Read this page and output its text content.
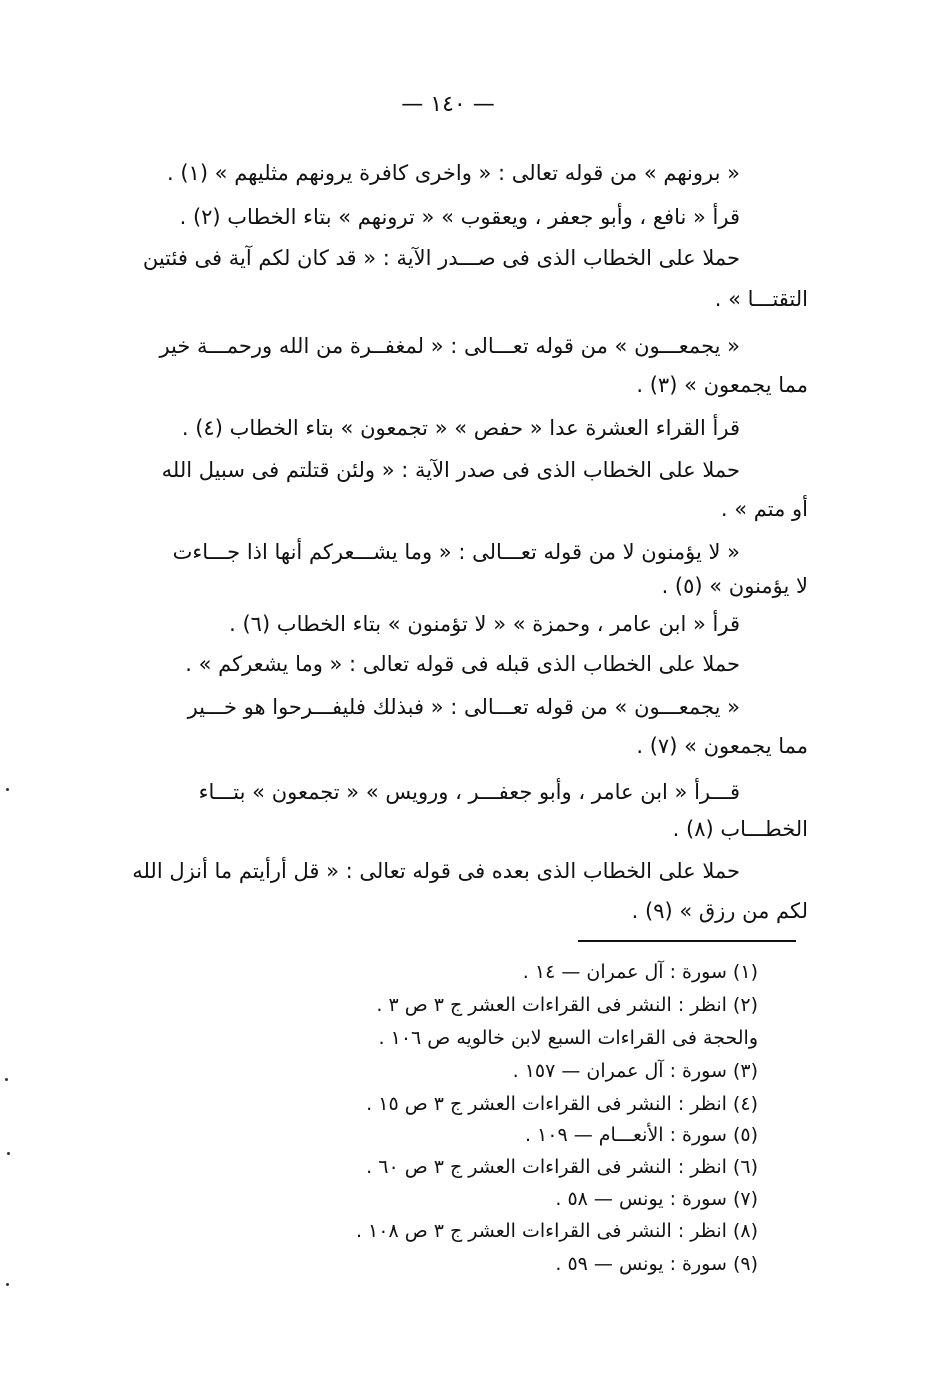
— ١٤٠ —
« برونهم » من قوله تعالى : « واخرى كافرة يرونهم مثليهم » (١) .
قرأ « نافع ، وأبو جعفر ، ويعقوب » « ترونهم » بتاء الخطاب (٢) .
حملا على الخطاب الذى فى صـــدر الآية : « قد كان لكم آية فى فئتين
التقتـــا » .
« يجمعـــون » من قوله تعـــالى : « لمغفــرة من الله ورحمـــة خير
مما يجمعون » (٣) .
قرأ القراء العشرة عدا « حفص » « تجمعون » بتاء الخطاب (٤) .
حملا على الخطاب الذى فى صدر الآية : « ولئن قتلتم فى سبيل الله
أو متم » .
« لا يؤمنون لا من قوله تعـــالى : « وما يشـــعركم أنها اذا جـــاءت
لا يؤمنون » (٥) .
قرأ « ابن عامر ، وحمزة » « لا تؤمنون » بتاء الخطاب (٦) .
حملا على الخطاب الذى قبله فى قوله تعالى : « وما يشعركم » .
« يجمعـــون » من قوله تعـــالى : « فبذلك فليفـــرحوا هو خـــير
مما يجمعون » (٧) .
قـــرأ « ابن عامر ، وأبو جعفـــر ، ورويس » « تجمعون » بتـــاء
الخطـــاب (٨) .
حملا على الخطاب الذى بعده فى قوله تعالى : « قل أرأيتم ما أنزل الله
لكم من رزق » (٩) .
(١) سورة : آل عمران — ١٤ .
(٢) انظر : النشر فى القراءات العشر ج ٣ ص ٣ .
والحجة فى القراءات السبع لابن خالويه ص ١٠٦ .
(٣) سورة : آل عمران — ١٥٧ .
(٤) انظر : النشر فى القراءات العشر ج ٣ ص ١٥ .
(٥) سورة : الأنعـــام — ١٠٩ .
(٦) انظر : النشر فى القراءات العشر ج ٣ ص ٦٠ .
(٧) سورة : يونس — ٥٨ .
(٨) انظر : النشر فى القراءات العشر ج ٣ ص ١٠٨ .
(٩) سورة : يونس — ٥٩ .
